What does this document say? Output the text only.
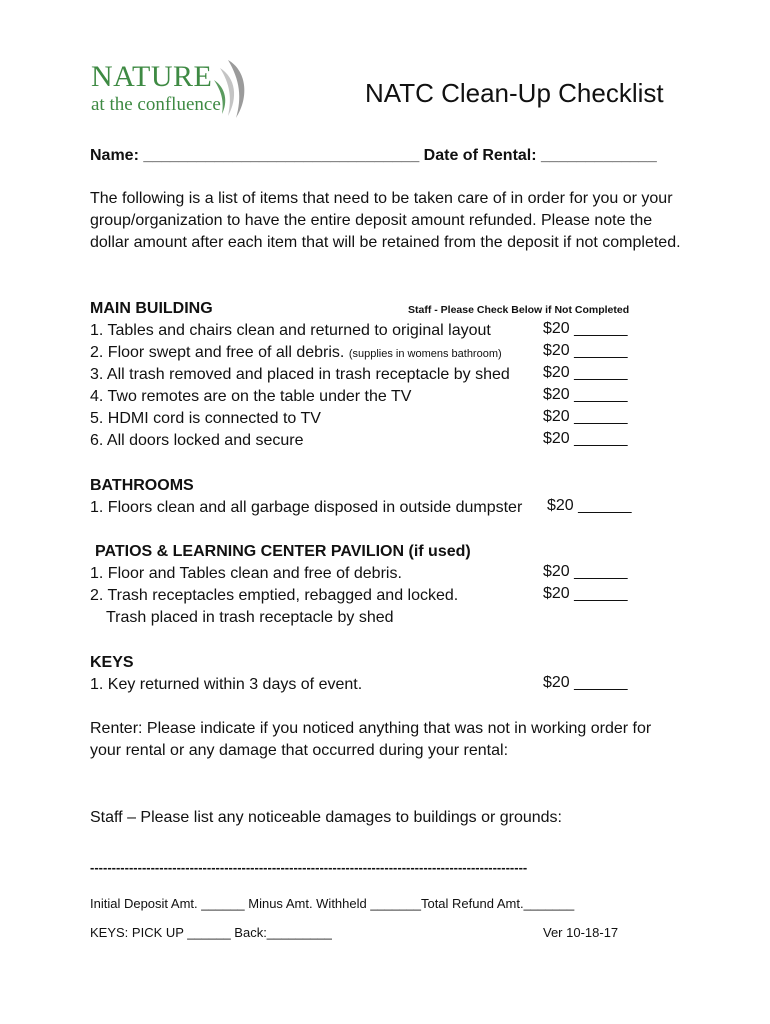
NATURE
at the confluence	NATC Clean-Up Checklist
Name: _______________________________ Date of Rental: _____________
The following is a list of items that need to be taken care of in order for you or your group/organization to have the entire deposit amount refunded. Please note the dollar amount after each item that will be retained from the deposit if not completed.
MAIN BUILDING	Staff - Please Check Below if Not Completed
1. Tables and chairs clean and returned to original layout	$20 ______
2. Floor swept and free of all debris. (supplies in womens bathroom)	$20 ______
3. All trash removed and placed in trash receptacle by shed $20 ______
4. Two remotes are on the table under the TV	$20 ______
5. HDMI cord is connected to TV	$20 ______
6. All doors locked and secure	$20 ______
BATHROOMS
1. Floors clean and all garbage disposed in outside dumpster $20 ______
PATIOS & LEARNING CENTER PAVILION (if used)
1. Floor and Tables clean and free of debris.	$20 ______
2. Trash receptacles emptied, rebagged and locked.	$20 ______
Trash placed in trash receptacle by shed
KEYS
1. Key returned within 3 days of event.	$20 ______
Renter: Please indicate if you noticed anything that was not in working order for
your rental or any damage that occurred during your rental:
Staff – Please list any noticeable damages to buildings or grounds:
-----------------------------------------------------------------------------------------------------
Initial Deposit Amt. ______ Minus Amt. Withheld _______Total Refund Amt._______
KEYS: PICK UP ______ Back:_________	Ver 10-18-17
